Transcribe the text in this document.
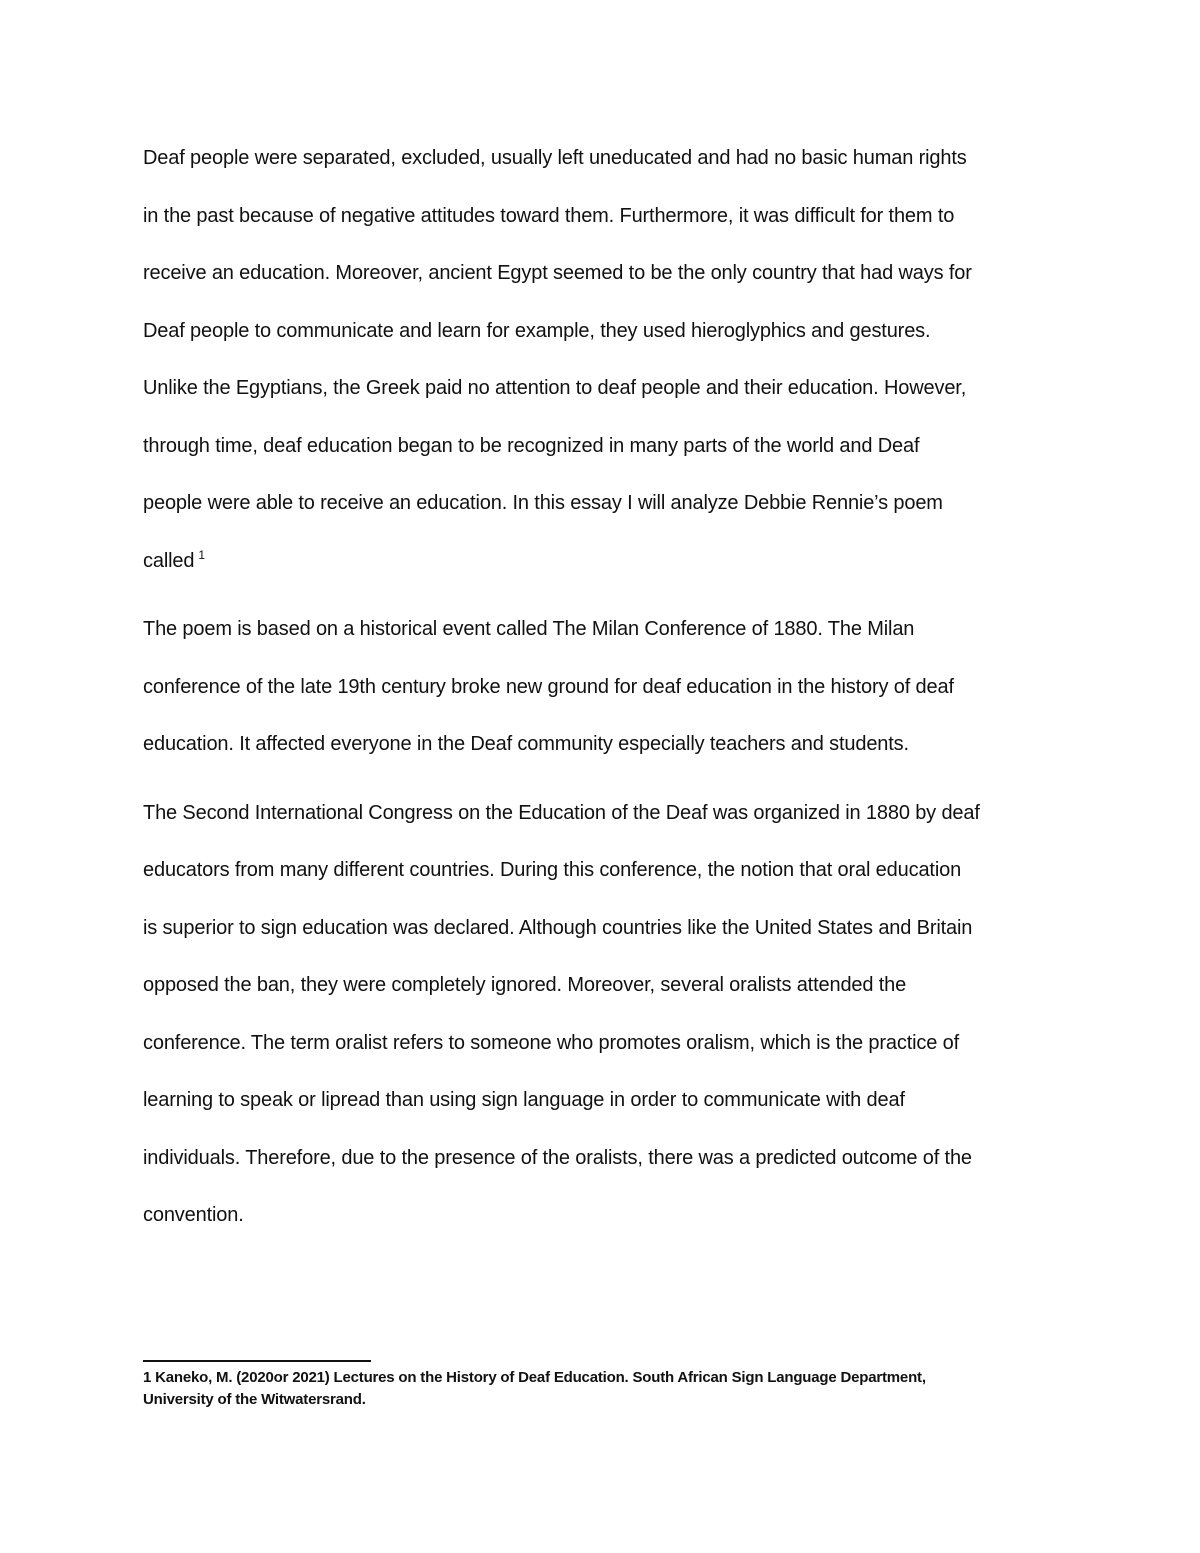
Deaf people were separated, excluded, usually left uneducated and had no basic human rights
in the past because of negative attitudes toward them. Furthermore, it was difficult for them to
receive an education. Moreover, ancient Egypt seemed to be the only country that had ways for
Deaf people to communicate and learn for example, they used hieroglyphics and gestures.
Unlike the Egyptians, the Greek paid no attention to deaf people and their education. However,
through time, deaf education began to be recognized in many parts of the world and Deaf
people were able to receive an education. In this essay I will analyze Debbie Rennie’s poem
called $^1$
The poem is based on a historical event called The Milan Conference of 1880. The Milan
conference of the late 19th century broke new ground for deaf education in the history of deaf
education. It affected everyone in the Deaf community especially teachers and students.
The Second International Congress on the Education of the Deaf was organized in 1880 by deaf
educators from many different countries. During this conference, the notion that oral education
is superior to sign education was declared. Although countries like the United States and Britain
opposed the ban, they were completely ignored. Moreover, several oralists attended the
conference. The term oralist refers to someone who promotes oralism, which is the practice of
learning to speak or lipread than using sign language in order to communicate with deaf
individuals. Therefore, due to the presence of the oralists, there was a predicted outcome of the
convention.
1 Kaneko, M. (2020or 2021) Lectures on the History of Deaf Education. South African Sign Language Department,
University of the Witwatersrand.
